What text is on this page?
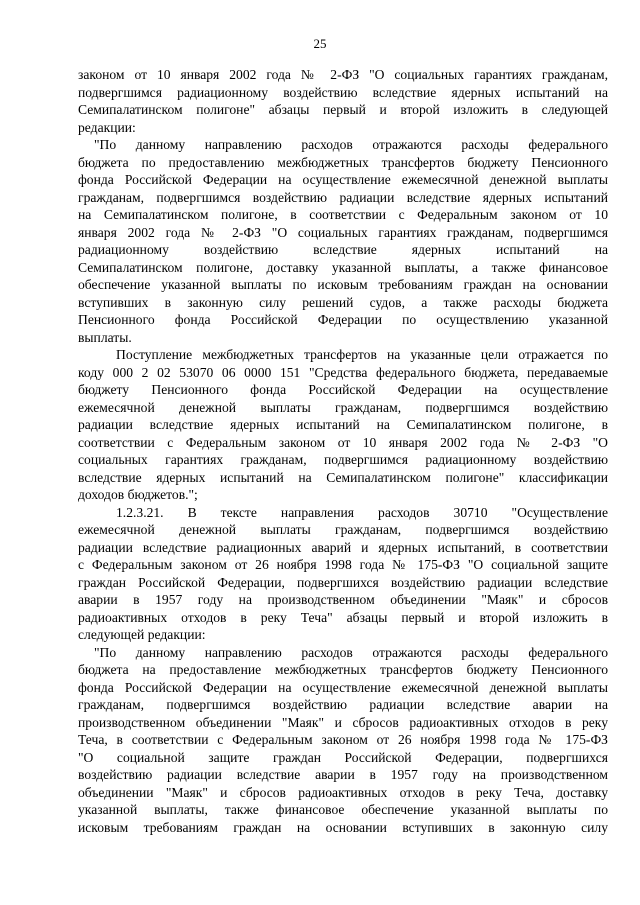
25
законом от 10 января 2002 года № 2-ФЗ "О социальных гарантиях гражданам,
подвергшимся радиационному воздействию вследствие ядерных испытаний на
Семипалатинском полигоне" абзацы первый и второй изложить в следующей
редакции:
"По данному направлению расходов отражаются расходы федерального
бюджета по предоставлению межбюджетных трансфертов бюджету Пенсионного
фонда Российской Федерации на осуществление ежемесячной денежной выплаты
гражданам, подвергшимся воздействию радиации вследствие ядерных испытаний
на Семипалатинском полигоне, в соответствии с Федеральным законом от 10
января 2002 года № 2-ФЗ "О социальных гарантиях гражданам, подвергшимся
радиационному воздействию вследствие ядерных испытаний на
Семипалатинском полигоне, доставку указанной выплаты, а также финансовое
обеспечение указанной выплаты по исковым требованиям граждан на основании
вступивших в законную силу решений судов, а также расходы бюджета
Пенсионного фонда Российской Федерации по осуществлению указанной
выплаты.
Поступление межбюджетных трансфертов на указанные цели отражается по
коду 000 2 02 53070 06 0000 151 "Средства федерального бюджета, передаваемые
бюджету Пенсионного фонда Российской Федерации на осуществление
ежемесячной денежной выплаты гражданам, подвергшимся воздействию
радиации вследствие ядерных испытаний на Семипалатинском полигоне, в
соответствии с Федеральным законом от 10 января 2002 года № 2-ФЗ "О
социальных гарантиях гражданам, подвергшимся радиационному воздействию
вследствие ядерных испытаний на Семипалатинском полигоне" классификации
доходов бюджетов.";
1.2.3.21. В тексте направления расходов 30710 "Осуществление
ежемесячной денежной выплаты гражданам, подвергшимся воздействию
радиации вследствие радиационных аварий и ядерных испытаний, в соответствии
с Федеральным законом от 26 ноября 1998 года № 175-ФЗ "О социальной защите
граждан Российской Федерации, подвергшихся воздействию радиации вследствие
аварии в 1957 году на производственном объединении "Маяк" и сбросов
радиоактивных отходов в реку Теча" абзацы первый и второй изложить в
следующей редакции:
"По данному направлению расходов отражаются расходы федерального
бюджета на предоставление межбюджетных трансфертов бюджету Пенсионного
фонда Российской Федерации на осуществление ежемесячной денежной выплаты
гражданам, подвергшимся воздействию радиации вследствие аварии на
производственном объединении "Маяк" и сбросов радиоактивных отходов в реку
Теча, в соответствии с Федеральным законом от 26 ноября 1998 года № 175-ФЗ
"О социальной защите граждан Российской Федерации, подвергшихся
воздействию радиации вследствие аварии в 1957 году на производственном
объединении "Маяк" и сбросов радиоактивных отходов в реку Теча, доставку
указанной выплаты, также финансовое обеспечение указанной выплаты по
исковым требованиям граждан на основании вступивших в законную силу
